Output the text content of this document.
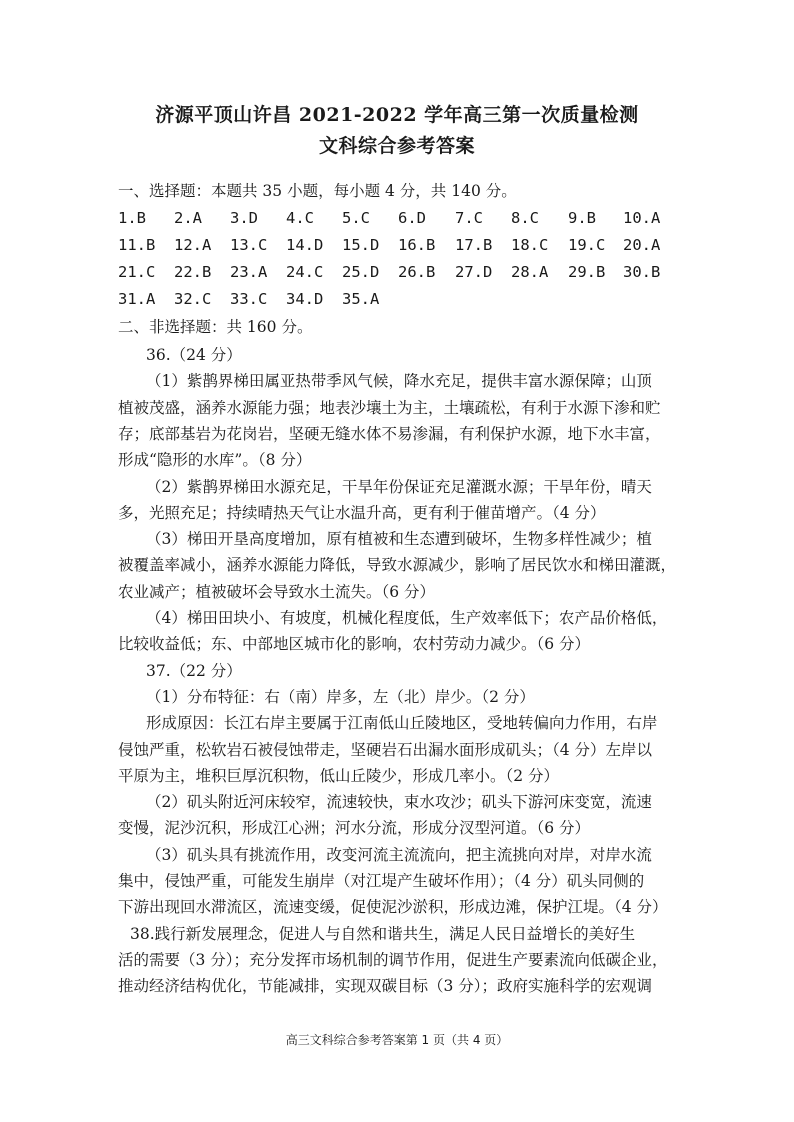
济源平顶山许昌 2021-2022 学年高三第一次质量检测
文科综合参考答案
一、选择题：本题共 35 小题，每小题 4 分，共 140 分。
1.B 2.A 3.D 4.C 5.C 6.D 7.C 8.C 9.B 10.A
11.B 12.A 13.C 14.D 15.D 16.B 17.B 18.C 19.C 20.A
21.C 22.B 23.A 24.C 25.D 26.B 27.D 28.A 29.B 30.B
31.A 32.C 33.C 34.D 35.A
二、非选择题：共 160 分。
36.（24 分）
（1）紫鹊界梯田属亚热带季风气候，降水充足，提供丰富水源保障；山顶
植被茂盛，涵养水源能力强；地表沙壤土为主，土壤疏松，有利于水源下渗和贮
存；底部基岩为花岗岩，坚硬无缝水体不易渗漏，有利保护水源，地下水丰富，
形成“隐形的水库”。（8 分）
（2）紫鹊界梯田水源充足，干旱年份保证充足灌溉水源；干旱年份，晴天
多，光照充足；持续晴热天气让水温升高，更有利于催苗增产。（4 分）
（3）梯田开垦高度增加，原有植被和生态遭到破坏，生物多样性减少；植
被覆盖率减小，涵养水源能力降低，导致水源减少，影响了居民饮水和梯田灌溉，
农业减产；植被破坏会导致水土流失。（6 分）
（4）梯田田块小、有坡度，机械化程度低，生产效率低下；农产品价格低，
比较收益低；东、中部地区城市化的影响，农村劳动力减少。（6 分）
37.（22 分）
（1）分布特征：右（南）岸多，左（北）岸少。（2 分）
形成原因：长江右岸主要属于江南低山丘陵地区，受地转偏向力作用，右岸
侵蚀严重，松软岩石被侵蚀带走，坚硬岩石出漏水面形成矶头；（4 分）左岸以
平原为主，堆积巨厚沉积物，低山丘陵少，形成几率小。（2 分）
（2）矶头附近河床较窄，流速较快，束水攻沙；矶头下游河床变宽，流速
变慢，泥沙沉积，形成江心洲；河水分流，形成分汊型河道。（6 分）
（3）矶头具有挑流作用，改变河流主流流向，把主流挑向对岸，对岸水流
集中，侵蚀严重，可能发生崩岸（对江堤产生破坏作用）；（4 分）矶头同侧的
下游出现回水滞流区，流速变缓，促使泥沙淤积，形成边滩，保护江堤。（4 分）
38.践行新发展理念，促进人与自然和谐共生，满足人民日益增长的美好生
活的需要（3 分）；充分发挥市场机制的调节作用，促进生产要素流向低碳企业，
推动经济结构优化，节能减排，实现双碳目标（3 分）；政府实施科学的宏观调
高三文科综合参考答案第 1 页（共 4 页）
